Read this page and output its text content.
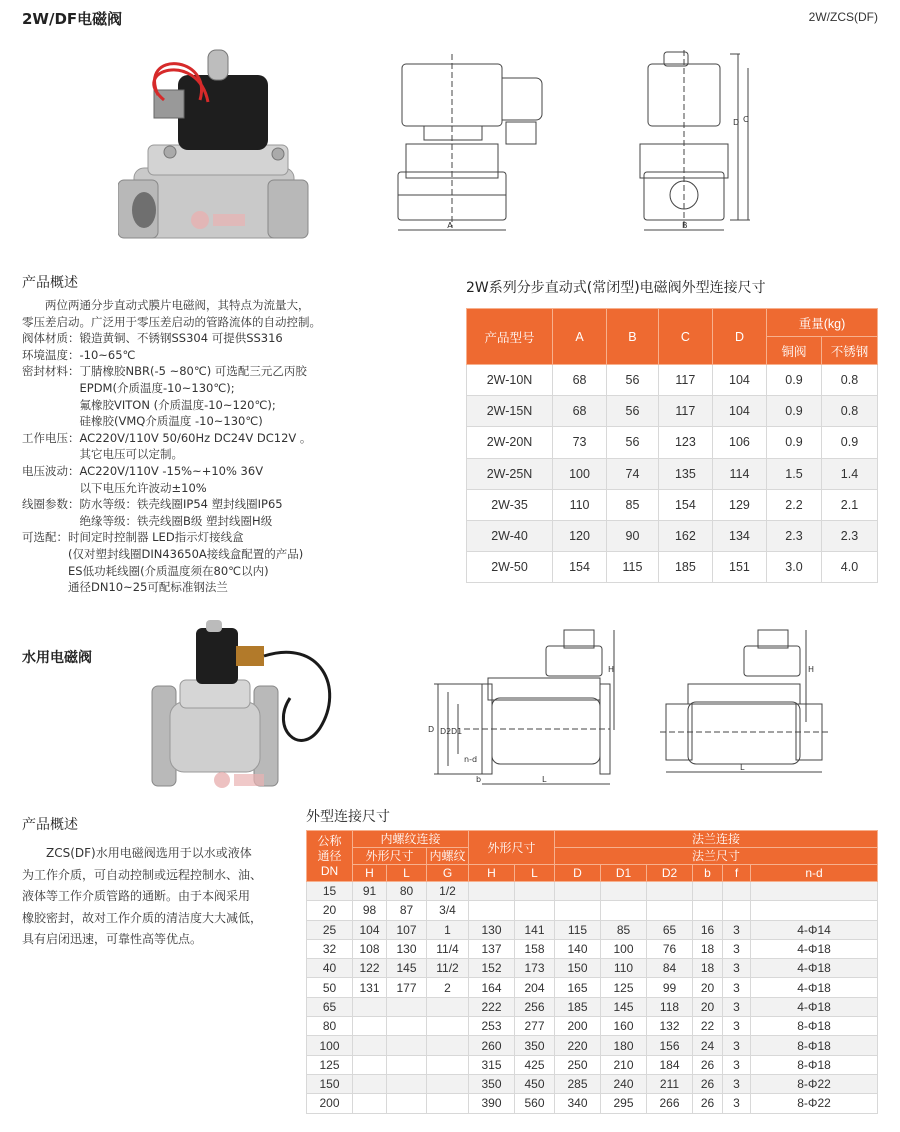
2W/DF电磁阀	2W/ZCS(DF)
A
D C
B
产品概述
　　两位两通分步直动式膜片电磁阀，其特点为流量大，
零压差启动。广泛用于零压差启动的管路流体的自动控制。
阀体材质：锻造黄铜、不锈钢SS304 可提供SS316
环境温度：-10~65℃
密封材料：丁腈橡胶NBR(-5 ~80℃) 可选配三元乙丙胶
　　　　　EPDM(介质温度-10~130℃);
　　　　　氟橡胶VITON (介质温度-10~120℃);
　　　　　硅橡胶(VMQ介质温度 -10~130℃)
工作电压：AC220V/110V 50/60Hz DC24V DC12V 。
　　　　　其它电压可以定制。
电压波动：AC220V/110V -15%~+10% 36V
　　　　　以下电压允许波动±10%
线圈参数：防水等级：铁壳线圈IP54 塑封线圈IP65
　　　　　绝缘等级：铁壳线圈B级 塑封线圈H级
可选配：时间定时控制器 LED指示灯接线盒
　　　　(仅对塑封线圈DIN43650A接线盒配置的产品)
　　　　ES低功耗线圈(介质温度须在80℃以内)
　　　　通径DN10~25可配标准钢法兰
2W系列分步直动式(常闭型)电磁阀外型连接尺寸
产品型号	A	B	C	D	重量(kg)	
					铜阀	不锈钢
2W-10N	68	56	117	104	0.9	0.8
2W-15N	68	56	117	104	0.9	0.8
2W-20N	73	56	123	106	0.9	0.9
2W-25N	100	74	135	114	1.5	1.4
2W-35	110	85	154	129	2.2	2.1
2W-40	120	90	162	134	2.3	2.3
2W-50	154	115	185	151	3.0	4.0
水用电磁阀
D D2 D1
n-d
b	L
H
L
H
产品概述
　　ZCS(DF)水用电磁阀选用于以水或液体
为工作介质，可自动控制或远程控制水、油、
液体等工作介质管路的通断。由于本阀采用
橡胶密封，故对工作介质的清洁度大大减低，
具有启闭迅速，可靠性高等优点。
外型连接尺寸
公称
通径
DN	内螺纹连接			外形尺寸		法兰连接					
	外形尺寸		内螺纹			法兰尺寸					
	H	L	G	H	L	D	D1	D2	b	f	n-d
15	91	80	1/2								
20	98	87	3/4								
25	104	107	1	130	141	115	85	65	16	3	4-Φ14
32	108	130	11/4	137	158	140	100	76	18	3	4-Φ18
40	122	145	11/2	152	173	150	110	84	18	3	4-Φ18
50	131	177	2	164	204	165	125	99	20	3	4-Φ18
65				222	256	185	145	118	20	3	4-Φ18
80				253	277	200	160	132	22	3	8-Φ18
100				260	350	220	180	156	24	3	8-Φ18
125				315	425	250	210	184	26	3	8-Φ18
150				350	450	285	240	211	26	3	8-Φ22
200				390	560	340	295	266	26	3	8-Φ22
